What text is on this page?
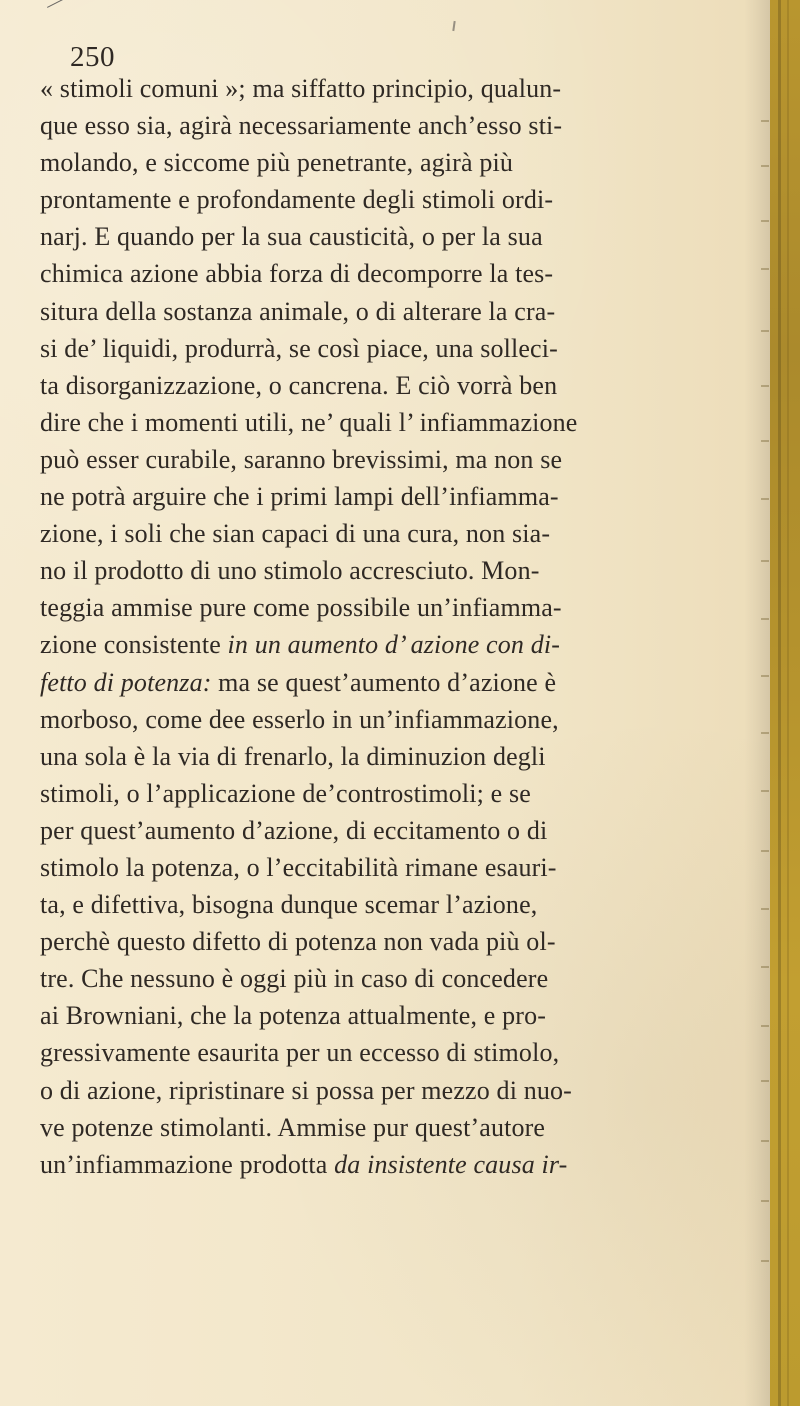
250
« stimoli comuni »; ma siffatto principio, qualun-
que esso sia, agirà necessariamente anch’esso sti-
molando, e siccome più penetrante, agirà più
prontamente e profondamente degli stimoli ordi-
narj. E quando per la sua causticità, o per la sua
chimica azione abbia forza di decomporre la tes-
situra della sostanza animale, o di alterare la cra-
si de’ liquidi, produrrà, se così piace, una solleci-
ta disorganizzazione, o cancrena. E ciò vorrà ben
dire che i momenti utili, ne’ quali l’ infiammazione
può esser curabile, saranno brevissimi, ma non se
ne potrà arguire che i primi lampi dell’infiamma-
zione, i soli che sian capaci di una cura, non sia-
no il prodotto di uno stimolo accresciuto. Mon-
teggia ammise pure come possibile un’infiamma-
zione consistente in un aumento d’ azione con di-
fetto di potenza: ma se quest’aumento d’azione è
morboso, come dee esserlo in un’infiammazione,
una sola è la via di frenarlo, la diminuzion degli
stimoli, o l’applicazione de’controstimoli; e se
per quest’aumento d’azione, di eccitamento o di
stimolo la potenza, o l’eccitabilità rimane esauri-
ta, e difettiva, bisogna dunque scemar l’azione,
perchè questo difetto di potenza non vada più ol-
tre. Che nessuno è oggi più in caso di concedere
ai Browniani, che la potenza attualmente, e pro-
gressivamente esaurita per un eccesso di stimolo,
o di azione, ripristinare si possa per mezzo di nuo-
ve potenze stimolanti. Ammise pur quest’autore
un’infiammazione prodotta da insistente causa ir-
